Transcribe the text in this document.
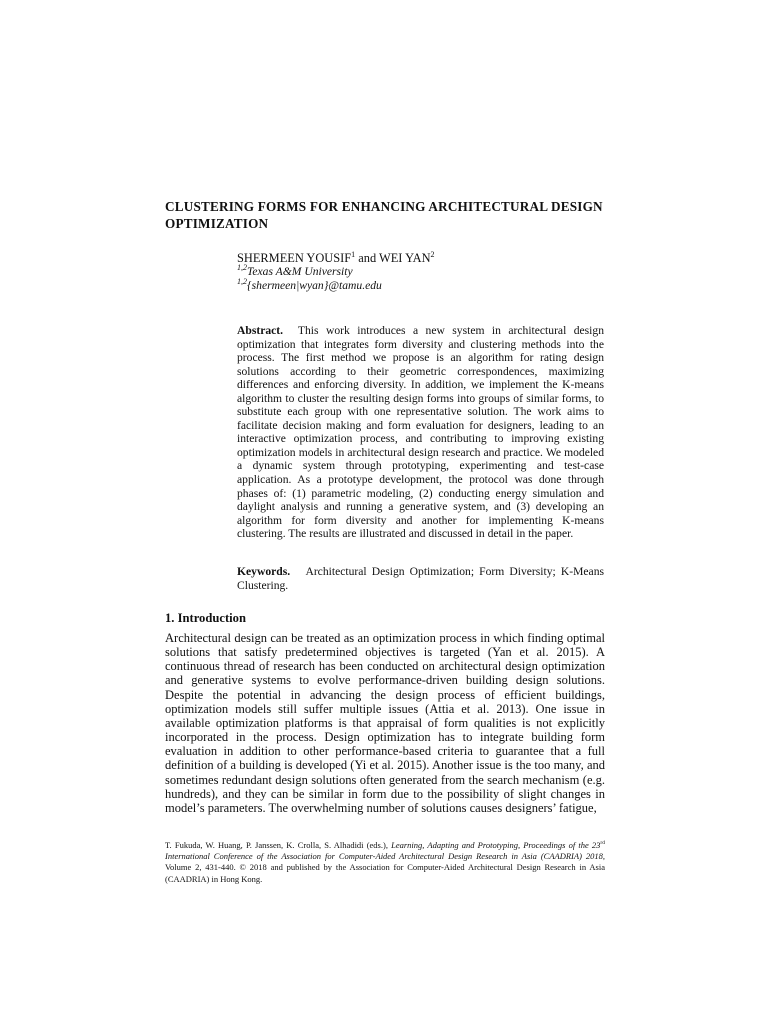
CLUSTERING FORMS FOR ENHANCING ARCHITECTURAL DESIGN OPTIMIZATION
SHERMEEN YOUSIF$^1$ and WEI YAN$^2$
$^{1,2}$Texas A&M University
$^{1,2}${shermeen|wyan}@tamu.edu
Abstract. This work introduces a new system in architectural design optimization that integrates form diversity and clustering methods into the process. The first method we propose is an algorithm for rating design solutions according to their geometric correspondences, maximizing differences and enforcing diversity. In addition, we implement the K-means algorithm to cluster the resulting design forms into groups of similar forms, to substitute each group with one representative solution. The work aims to facilitate decision making and form evaluation for designers, leading to an interactive optimization process, and contributing to improving existing optimization models in architectural design research and practice. We modeled a dynamic system through prototyping, experimenting and test-case application. As a prototype development, the protocol was done through phases of: (1) parametric modeling, (2) conducting energy simulation and daylight analysis and running a generative system, and (3) developing an algorithm for form diversity and another for implementing K-means clustering. The results are illustrated and discussed in detail in the paper.
Keywords. Architectural Design Optimization; Form Diversity; K-Means Clustering.
1. Introduction
Architectural design can be treated as an optimization process in which finding optimal solutions that satisfy predetermined objectives is targeted (Yan et al. 2015). A continuous thread of research has been conducted on architectural design optimization and generative systems to evolve performance-driven building design solutions. Despite the potential in advancing the design process of efficient buildings, optimization models still suffer multiple issues (Attia et al. 2013). One issue in available optimization platforms is that appraisal of form qualities is not explicitly incorporated in the process. Design optimization has to integrate building form evaluation in addition to other performance-based criteria to guarantee that a full definition of a building is developed (Yi et al. 2015). Another issue is the too many, and sometimes redundant design solutions often generated from the search mechanism (e.g. hundreds), and they can be similar in form due to the possibility of slight changes in model’s parameters. The overwhelming number of solutions causes designers’ fatigue,
T. Fukuda, W. Huang, P. Janssen, K. Crolla, S. Alhadidi (eds.), Learning, Adapting and Prototyping, Proceedings of the 23rd International Conference of the Association for Computer-Aided Architectural Design Research in Asia (CAADRIA) 2018, Volume 2, 431-440. © 2018 and published by the Association for Computer-Aided Architectural Design Research in Asia (CAADRIA) in Hong Kong.
